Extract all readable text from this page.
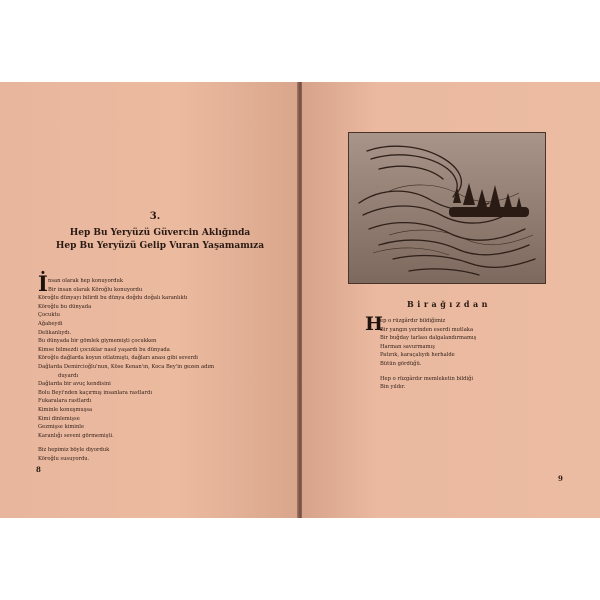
3.
Hep Bu Yeryüzü Güvercin Aklığında
Hep Bu Yeryüzü Gelip Vuran Yaşamamıza
İ nsan olarak hep konuyorduk
Bir insan olarak Köroğlu konuyordu
Köroğlu dünyayı bilirdi bu dünya doğdu doğalı karanlıktı
Köroğlu bu dünyada
Çocuktu
Ağabeydi
Delikanlıydı.
Bu dünyada bir gömlek giymemişti çocukken
Kimse bilmezdi çocuklar nasıl yaşardı bu dünyada
Köroğlu dağlarda koyun otlatmıştı, dağları anası gibi severdi
Dağlarda Demircioğlu'nun, Köse Kenan'ın, Koca Bey'in gezen adım
duyardı
Dağlarda bir avuç kendisini
Bolu Beyi'nden kaçırmış insanlara rastlardı
Fukaralara rastlardı
Kiminle konuşmuşsa
Kimi dinlemişse
Gezmişse kiminle
Karanlığı seveni görmemişti.
Biz hepimiz böyle diyorduk
Köroğlu susuyordu.
8
Birağızdan
H
ep o rüzgârdır bildiğimiz
Bir yangın yerinden eserdi mutlaka
Bir buğday tarlası dalgalandırmamış
Harman savurmamış
Patırık, karaçalıydı herhalde
Bütün gördüğü.
Hep o rüzgârdır memleketin bildiği
Bin yıldır.
9
